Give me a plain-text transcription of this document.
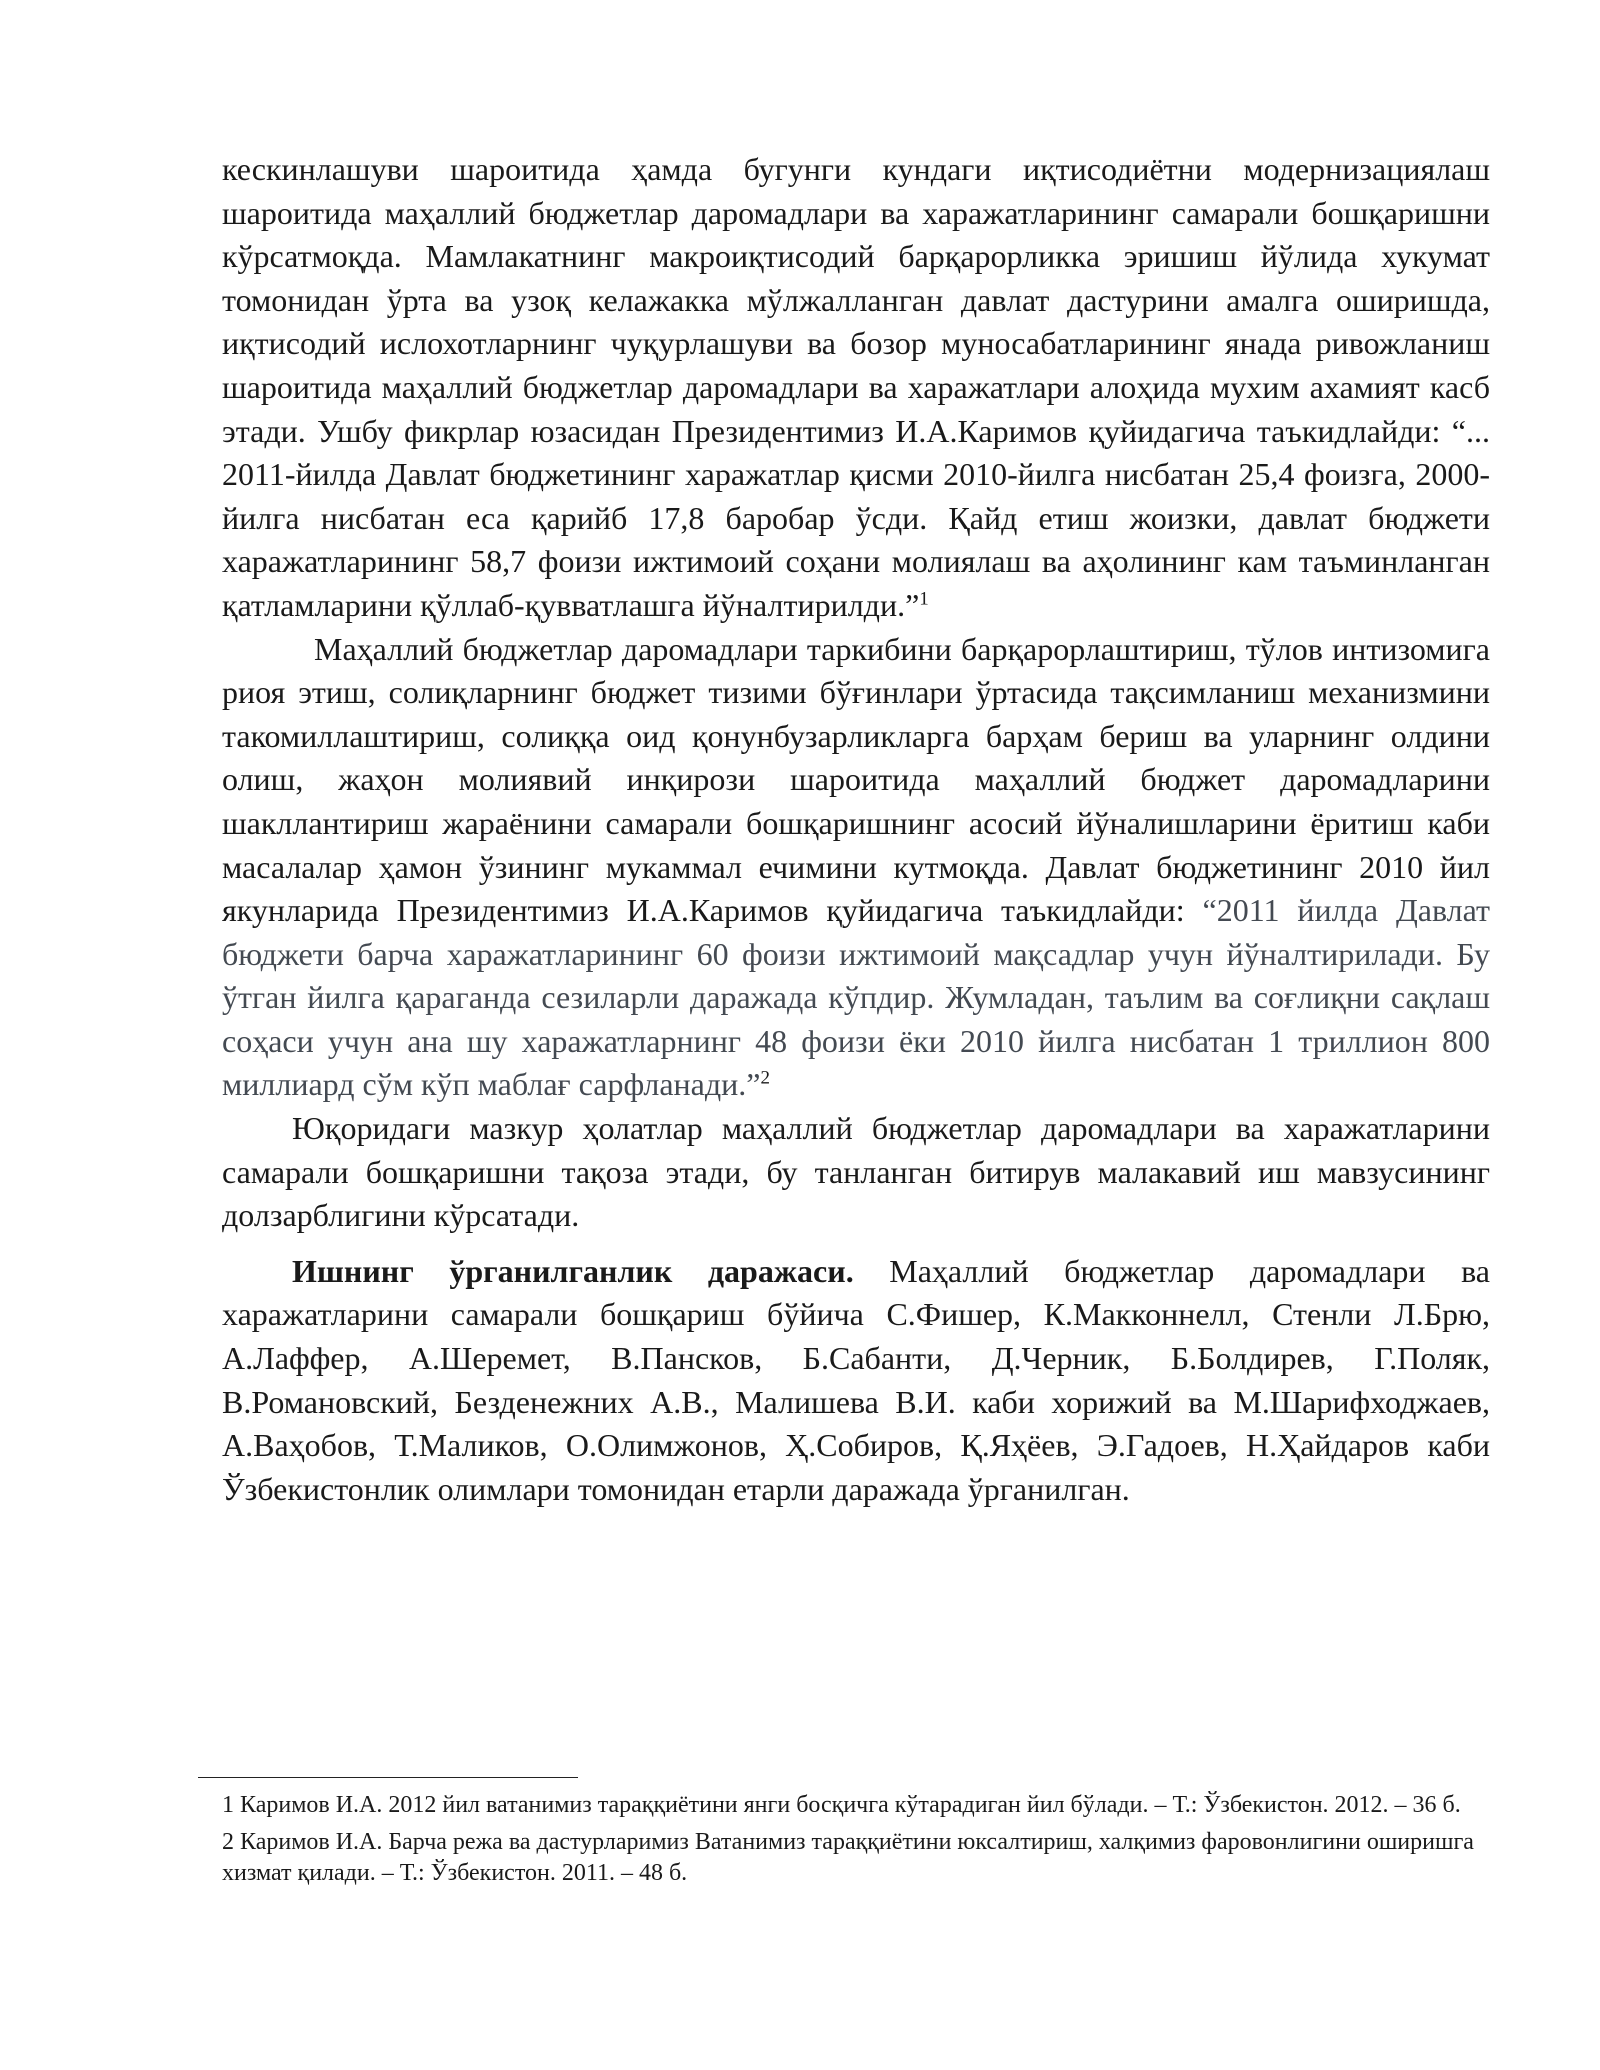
кескинлашуви шароитида ҳамда бугунги кундаги иқтисодиётни модернизациялаш шароитида маҳаллий бюджетлар даромадлари ва харажатларининг самарали бошқаришни кўрсатмоқда. Мамлакатнинг макроиқтисодий барқарорликка эришиш йўлида хукумат томонидан ўрта ва узоқ келажакка мўлжалланган давлат дастурини амалга оширишда, иқтисодий ислохотларнинг чуқурлашуви ва бозор муносабатларининг янада ривожланиш шароитида маҳаллий бюджетлар даромадлари ва харажатлари алоҳида мухим ахамият касб этади. Ушбу фикрлар юзасидан Президентимиз И.А.Каримов қуйидагича таъкидлайди: “... 2011-йилда Давлат бюджетининг харажатлар қисми 2010-йилга нисбатан 25,4 фоизга, 2000-йилга нисбатан еса қарийб 17,8 баробар ўсди. Қайд етиш жоизки, давлат бюджети харажатларининг 58,7 фоизи ижтимоий соҳани молиялаш ва аҳолининг кам таъминланган қатламларини қўллаб-қувватлашга йўналтирилди.”$^1$

Маҳаллий бюджетлар даромадлари таркибини барқарорлаштириш, тўлов интизомига риоя этиш, солиқларнинг бюджет тизими бўғинлари ўртасида тақсимланиш механизмини такомиллаштириш, солиққа оид қонунбузарликларга барҳам бериш ва уларнинг олдини олиш, жаҳон молиявий инқирози шароитида маҳаллий бюджет даромадларини шакллантириш жараёнини самарали бошқаришнинг асосий йўналишларини ёритиш каби масалалар ҳамон ўзининг мукаммал ечимини кутмоқда. Давлат бюджетининг 2010 йил якунларида Президентимиз И.А.Каримов қуйидагича таъкидлайди: “2011 йилда Давлат бюджети барча харажатларининг 60 фоизи ижтимоий мақсадлар учун йўналтирилади. Бу ўтган йилга қараганда сезиларли даражада кўпдир. Жумладан, таълим ва соғлиқни сақлаш соҳаси учун ана шу харажатларнинг 48 фоизи ёки 2010 йилга нисбатан 1 триллион 800 миллиард сўм кўп маблағ сарфланади.”$^2$

Юқоридаги мазкур ҳолатлар маҳаллий бюджетлар даромадлари ва харажатларини самарали бошқаришни тақоза этади, бу танланган битирув малакавий иш мавзусининг долзарблигини кўрсатади.

Ишнинг ўрганилганлик даражаси. Маҳаллий бюджетлар даромадлари ва харажатларини самарали бошқариш бўйича С.Фишер, К.Макконнелл, Стенли Л.Брю, А.Лаффер, А.Шеремет, В.Пансков, Б.Сабанти, Д.Черник, Б.Болдирев, Г.Поляк, В.Романовский, Безденежних А.В., Малишева В.И. каби хорижий ва М.Шарифходжаев, А.Ваҳобов, Т.Маликов, О.Олимжонов, Ҳ.Собиров, Қ.Яҳёев, Э.Гадоев, Н.Ҳайдаров каби Ўзбекистонлик олимлари томонидан етарли даражада ўрганилган.

1 Каримов И.А. 2012 йил ватанимиз тараққиётини янги босқичга кўтарадиган йил бўлади. – Т.: Ўзбекистон. 2012. – 36 б.

2 Каримов И.А. Барча режа ва дастурларимиз Ватанимиз тараққиётини юксалтириш, халқимиз фаровонлигини оширишга хизмат қилади. – Т.: Ўзбекистон. 2011. – 48 б.
